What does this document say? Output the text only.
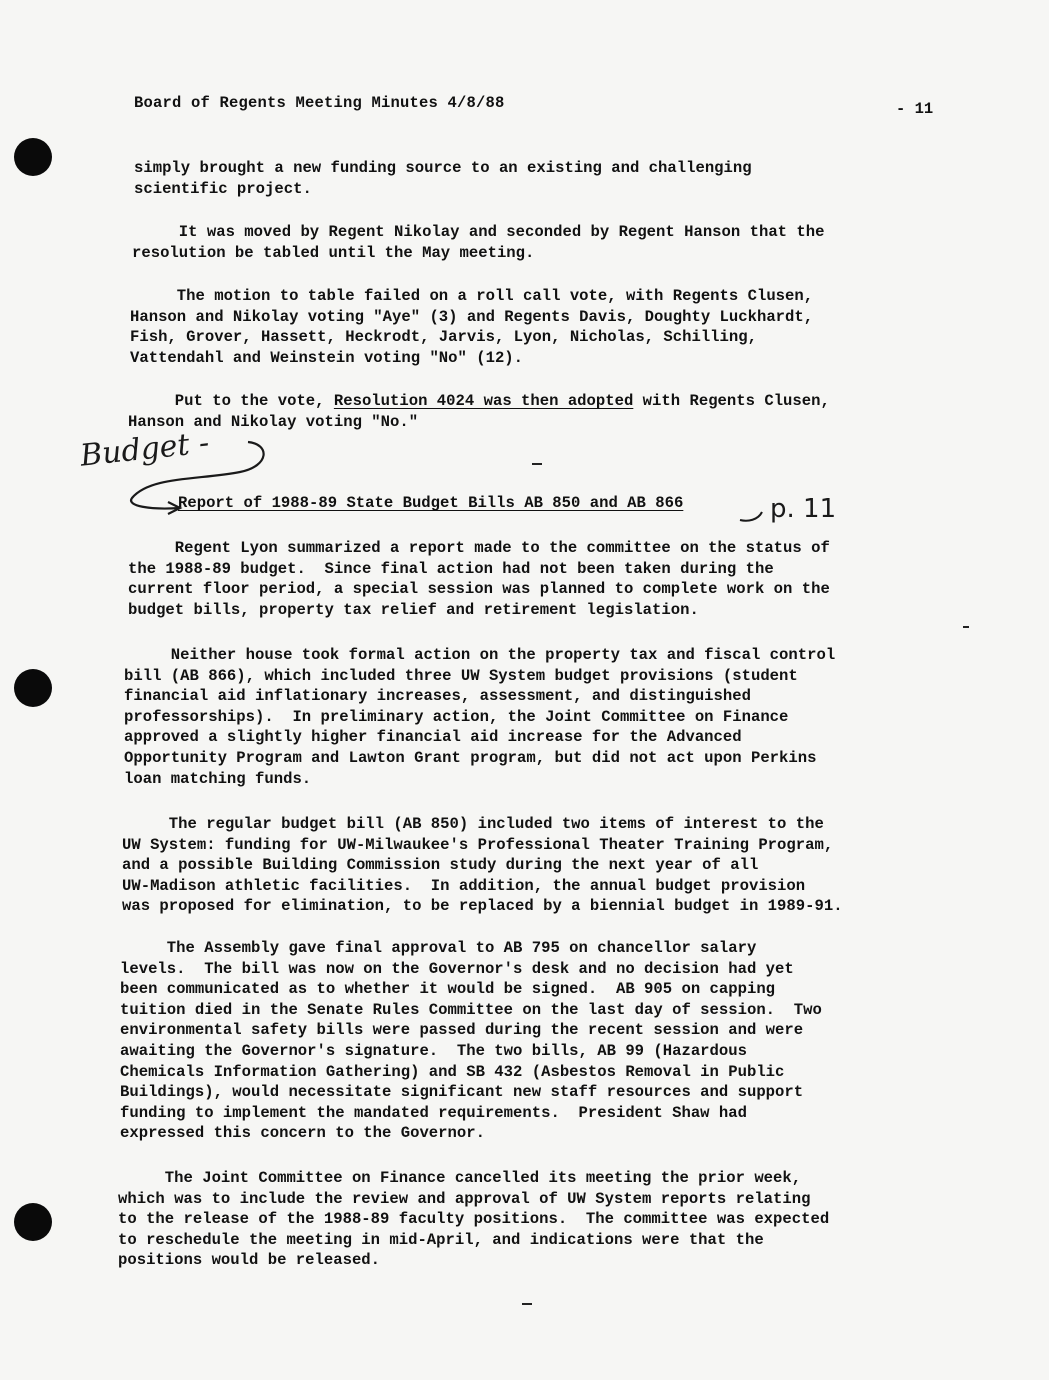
Board of Regents Meeting Minutes 4/8/88	- 11

simply brought a new funding source to an existing and challenging
scientific project.

It was moved by Regent Nikolay and seconded by Regent Hanson that the
resolution be tabled until the May meeting.

The motion to table failed on a roll call vote, with Regents Clusen,
Hanson and Nikolay voting "Aye" (3) and Regents Davis, Doughty Luckhardt,
Fish, Grover, Hassett, Heckrodt, Jarvis, Lyon, Nicholas, Schilling,
Vattendahl and Weinstein voting "No" (12).

Put to the vote, Resolution 4024 was then adopted with Regents Clusen,
Hanson and Nikolay voting "No."

Budget -
Report of 1988-89 State Budget Bills AB 850 and AB 866	p. 11

Regent Lyon summarized a report made to the committee on the status of
the 1988-89 budget.  Since final action had not been taken during the
current floor period, a special session was planned to complete work on the
budget bills, property tax relief and retirement legislation.

Neither house took formal action on the property tax and fiscal control
bill (AB 866), which included three UW System budget provisions (student
financial aid inflationary increases, assessment, and distinguished
professorships).  In preliminary action, the Joint Committee on Finance
approved a slightly higher financial aid increase for the Advanced
Opportunity Program and Lawton Grant program, but did not act upon Perkins
loan matching funds.

The regular budget bill (AB 850) included two items of interest to the
UW System: funding for UW-Milwaukee's Professional Theater Training Program,
and a possible Building Commission study during the next year of all
UW-Madison athletic facilities.  In addition, the annual budget provision
was proposed for elimination, to be replaced by a biennial budget in 1989-91.

The Assembly gave final approval to AB 795 on chancellor salary
levels.  The bill was now on the Governor's desk and no decision had yet
been communicated as to whether it would be signed.  AB 905 on capping
tuition died in the Senate Rules Committee on the last day of session.  Two
environmental safety bills were passed during the recent session and were
awaiting the Governor's signature.  The two bills, AB 99 (Hazardous
Chemicals Information Gathering) and SB 432 (Asbestos Removal in Public
Buildings), would necessitate significant new staff resources and support
funding to implement the mandated requirements.  President Shaw had
expressed this concern to the Governor.

The Joint Committee on Finance cancelled its meeting the prior week,
which was to include the review and approval of UW System reports relating
to the release of the 1988-89 faculty positions.  The committee was expected
to reschedule the meeting in mid-April, and indications were that the
positions would be released.
